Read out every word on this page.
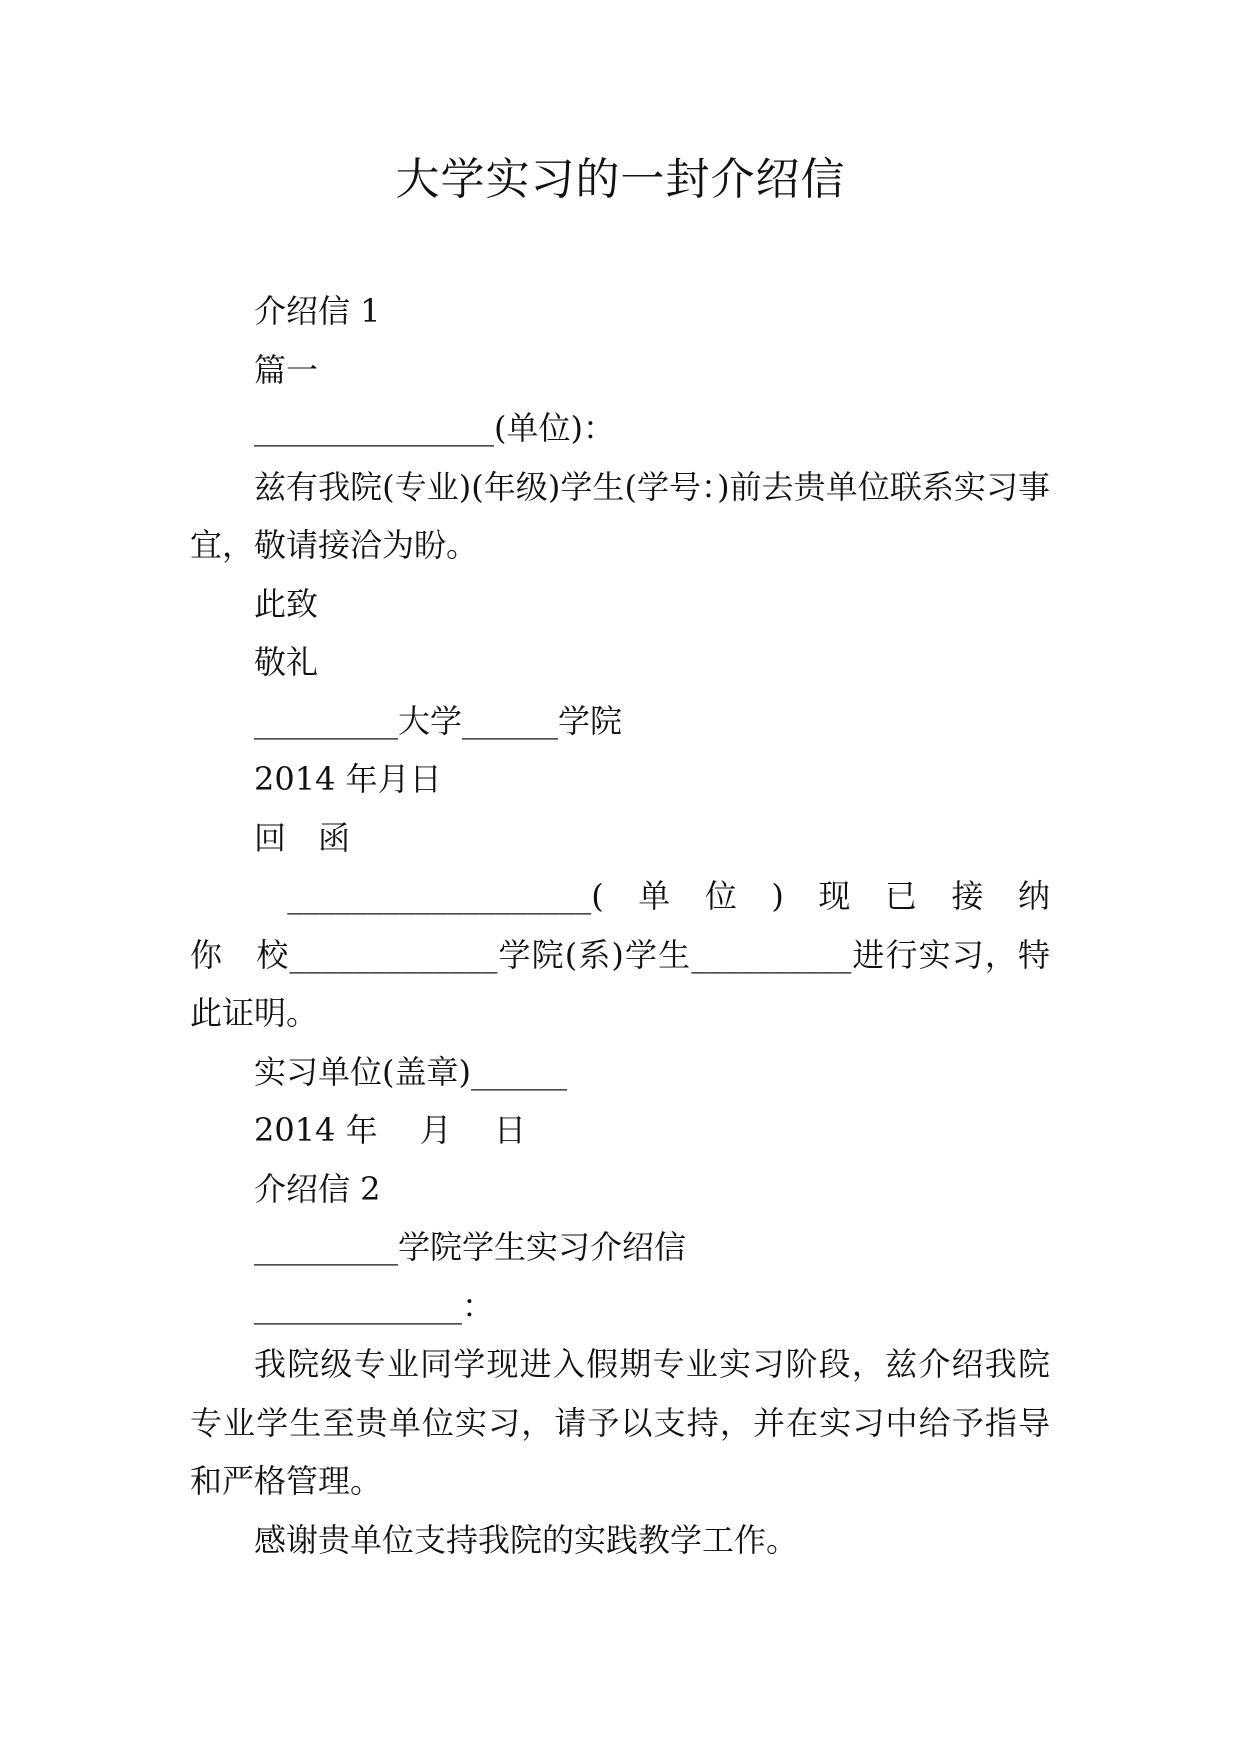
大学实习的一封介绍信

介绍信 1

篇一

_______________(单位)：

兹有我院(专业)(年级)学生(学号：)前去贵单位联系实习事宜，敬请接洽为盼。

此致

敬礼

_________大学______学院

2014 年月日

回　函

　___________________(　单　位　)　现　已　接　纳　你　校_____________学院(系)学生__________进行实习，特此证明。

实习单位(盖章)______

2014 年　 月　 日

介绍信 2

_________学院学生实习介绍信

_____________：

我院级专业同学现进入假期专业实习阶段，兹介绍我院专业学生至贵单位实习，请予以支持，并在实习中给予指导和严格管理。

感谢贵单位支持我院的实践教学工作。
